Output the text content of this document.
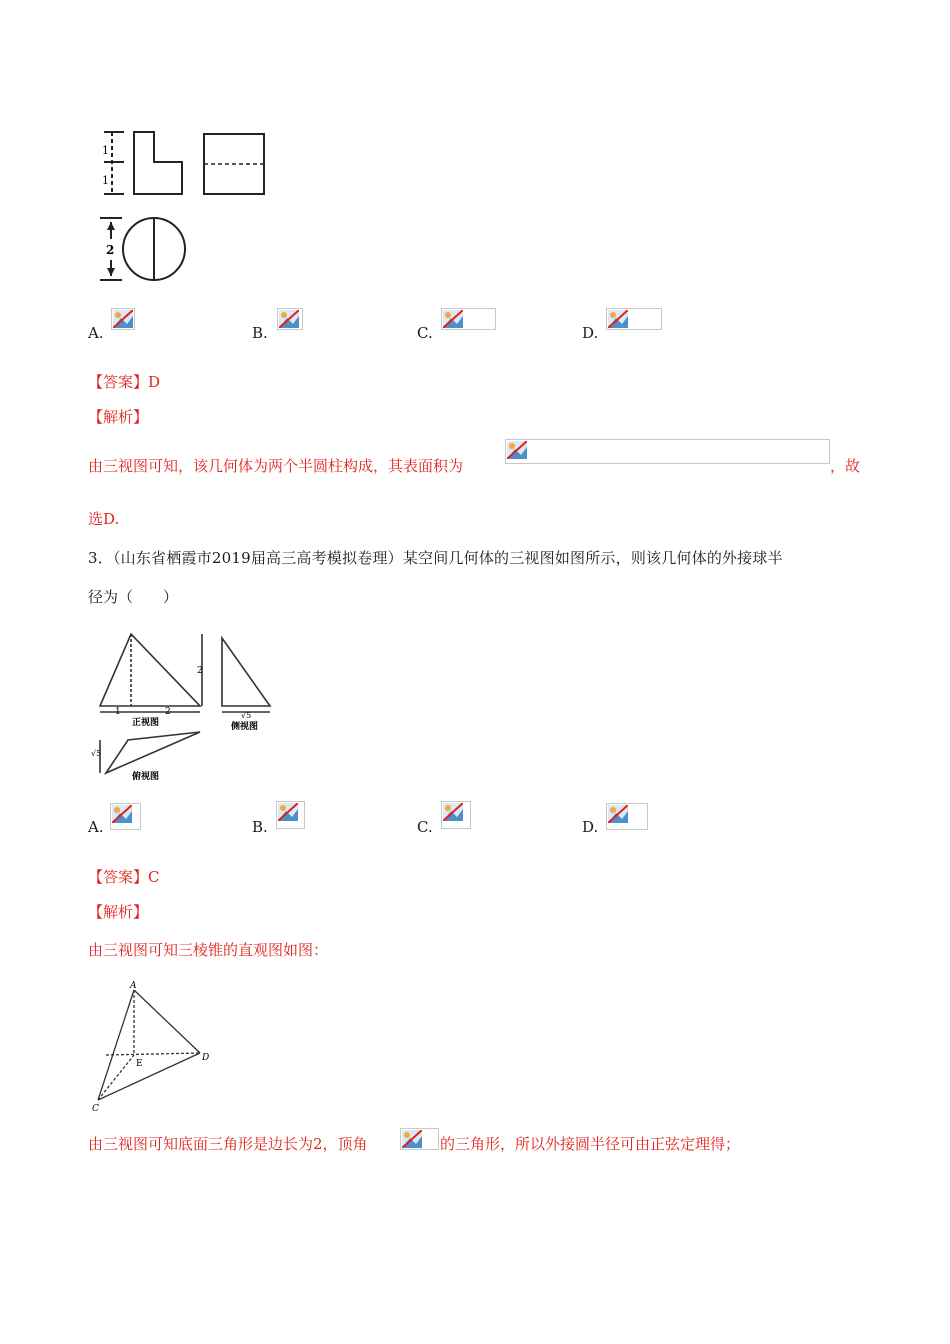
1
1
2
A.	B.	C.	D.
【答案】D
【解析】
由三视图可知，该几何体为两个半圆柱构成，其表面积为	，故
选D.
3．（山东省栖霞市2019届高三高考模拟卷理）某空间几何体的三视图如图所示，则该几何体的外接球半
径为（　　）
2
1	2
正视图
√5
侧视图
√5
俯视图
A.	B.	C.	D.
【答案】C
【解析】
由三视图可知三棱锥的直观图如图：
A
C
D
E
由三视图可知底面三角形是边长为2，顶角	的三角形，所以外接圆半径可由正弦定理得；
